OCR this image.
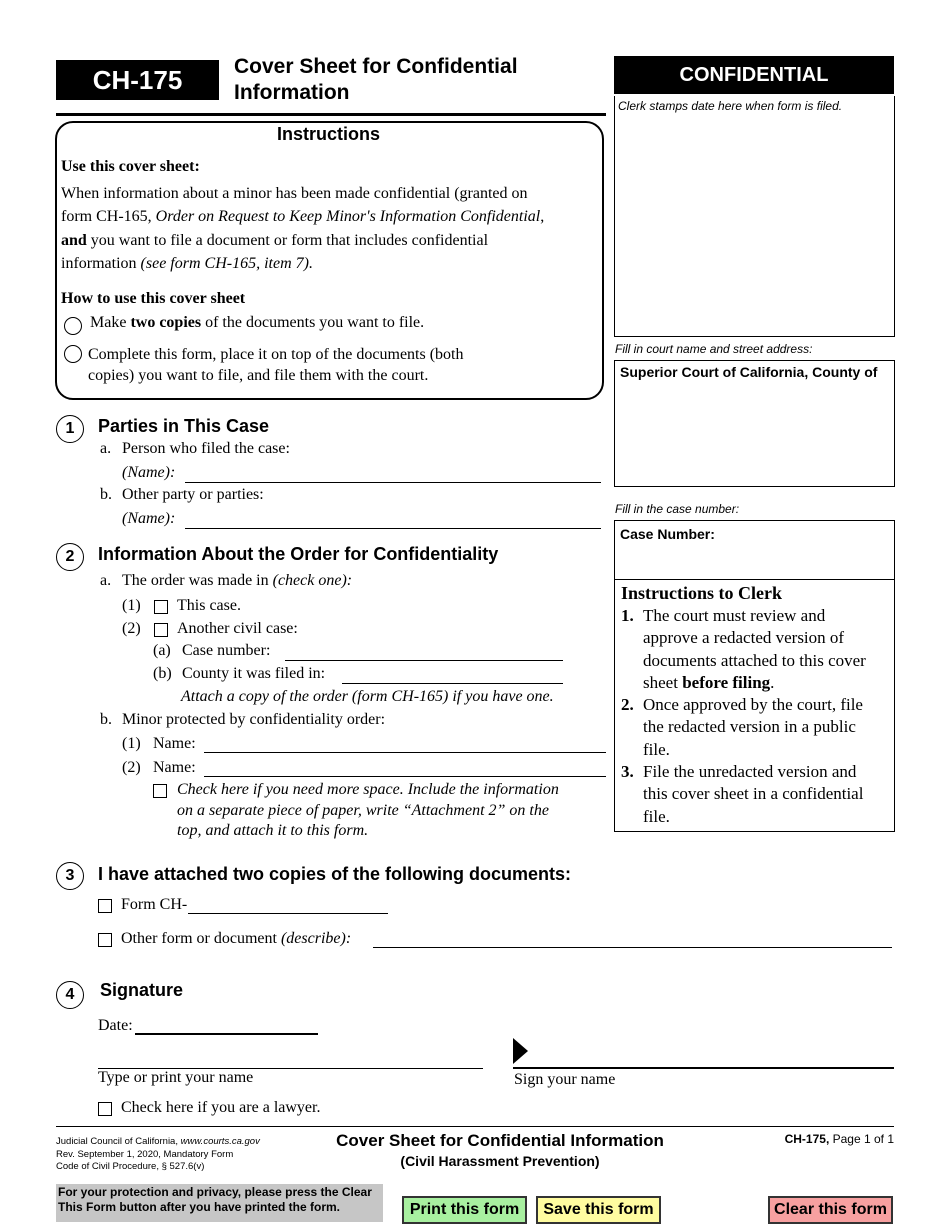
CH-175 Cover Sheet for Confidential
Information
CONFIDENTIAL
Clerk stamps date here when form is filed.
Fill in court name and street address:
Superior Court of California, County of
Fill in the case number:
Case Number:
Instructions to Clerk
1. The court must review and
approve a redacted version of
documents attached to this cover
sheet before filing.
2. Once approved by the court, file
the redacted version in a public
file.
3. File the unredacted version and
this cover sheet in a confidential
file.
Instructions
Use this cover sheet:
When information about a minor has been made confidential (granted on
form CH-165, Order on Request to Keep Minor's Information Confidential,
and you want to file a document or form that includes confidential
information (see form CH-165, item 7).
How to use this cover sheet
Make two copies of the documents you want to file.
Complete this form, place it on top of the documents (both
copies) you want to file, and file them with the court.
1	Parties in This Case
a. Person who filed the case:
(Name):
b. Other party or parties:
(Name):
2	Information About the Order for Confidentiality
a. The order was made in (check one):
(1) This case.
(2) Another civil case:
(a) Case number:
(b) County it was filed in:
Attach a copy of the order (form CH-165) if you have one.
b. Minor protected by confidentiality order:
(1) Name:
(2) Name:
Check here if you need more space. Include the information
on a separate piece of paper, write “Attachment 2” on the
top, and attach it to this form.
3	I have attached two copies of the following documents:
Form CH-
Other form or document (describe):
4	Signature
Date:
Type or print your name	Sign your name
Check here if you are a lawyer.
Judicial Council of California, www.courts.ca.gov
Rev. September 1, 2020, Mandatory Form
Code of Civil Procedure, § 527.6(v)
Cover Sheet for Confidential Information
(Civil Harassment Prevention)
CH-175, Page 1 of 1
For your protection and privacy, please press the Clear
This Form button after you have printed the form.	Print this form	Save this form	Clear this form
